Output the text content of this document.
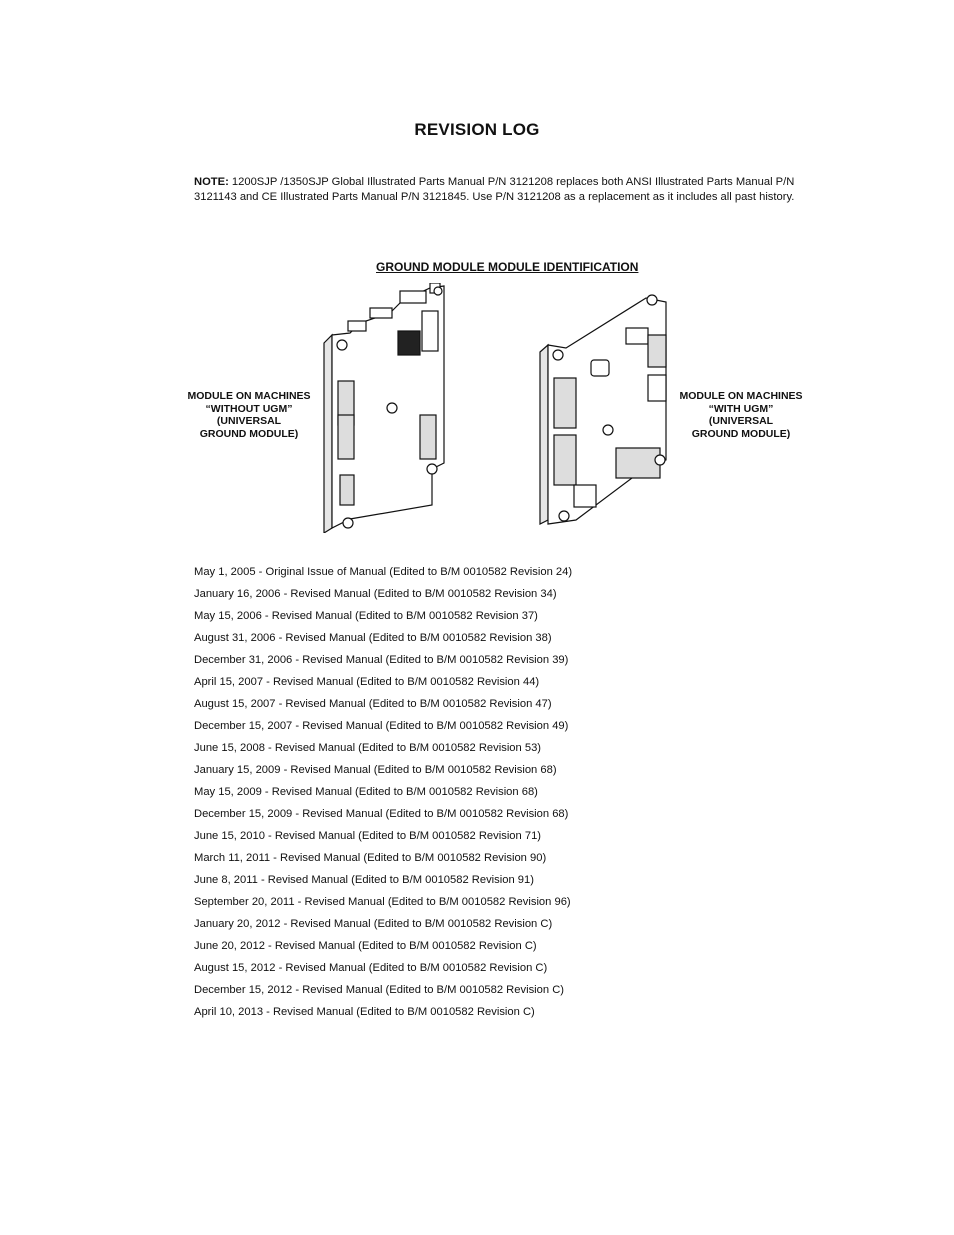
REVISION LOG
NOTE: 1200SJP /1350SJP Global Illustrated Parts Manual P/N 3121208 replaces both ANSI Illustrated Parts Manual P/N 3121143 and CE Illustrated Parts Manual P/N 3121845. Use P/N 3121208 as a replacement as it includes all past history.
GROUND MODULE MODULE IDENTIFICATION
MODULE ON MACHINES
“WITHOUT UGM”
(UNIVERSAL
GROUND MODULE)
MODULE ON MACHINES
“WITH UGM”
(UNIVERSAL
GROUND MODULE)
May 1, 2005 - Original Issue of Manual (Edited to B/M 0010582 Revision 24)
January 16, 2006 - Revised Manual (Edited to B/M 0010582 Revision 34)
May 15, 2006 - Revised Manual (Edited to B/M 0010582 Revision 37)
August 31, 2006 - Revised Manual (Edited to B/M 0010582 Revision 38)
December 31, 2006 - Revised Manual (Edited to B/M 0010582 Revision 39)
April 15, 2007 - Revised Manual (Edited to B/M 0010582 Revision 44)
August 15, 2007 - Revised Manual (Edited to B/M 0010582 Revision 47)
December 15, 2007 - Revised Manual (Edited to B/M 0010582 Revision 49)
June 15, 2008 - Revised Manual (Edited to B/M 0010582 Revision 53)
January 15, 2009 - Revised Manual (Edited to B/M 0010582 Revision 68)
May 15, 2009 - Revised Manual (Edited to B/M 0010582 Revision 68)
December 15, 2009 - Revised Manual (Edited to B/M 0010582 Revision 68)
June 15, 2010 - Revised Manual (Edited to B/M 0010582 Revision 71)
March 11, 2011 - Revised Manual (Edited to B/M 0010582 Revision 90)
June 8, 2011 - Revised Manual (Edited to B/M 0010582 Revision 91)
September 20, 2011 - Revised Manual (Edited to B/M 0010582 Revision 96)
January 20, 2012 - Revised Manual (Edited to B/M 0010582 Revision C)
June 20, 2012 - Revised Manual (Edited to B/M 0010582 Revision C)
August 15, 2012 - Revised Manual (Edited to B/M 0010582 Revision C)
December 15, 2012 - Revised Manual (Edited to B/M 0010582 Revision C)
April 10, 2013 - Revised Manual (Edited to B/M 0010582 Revision C)
